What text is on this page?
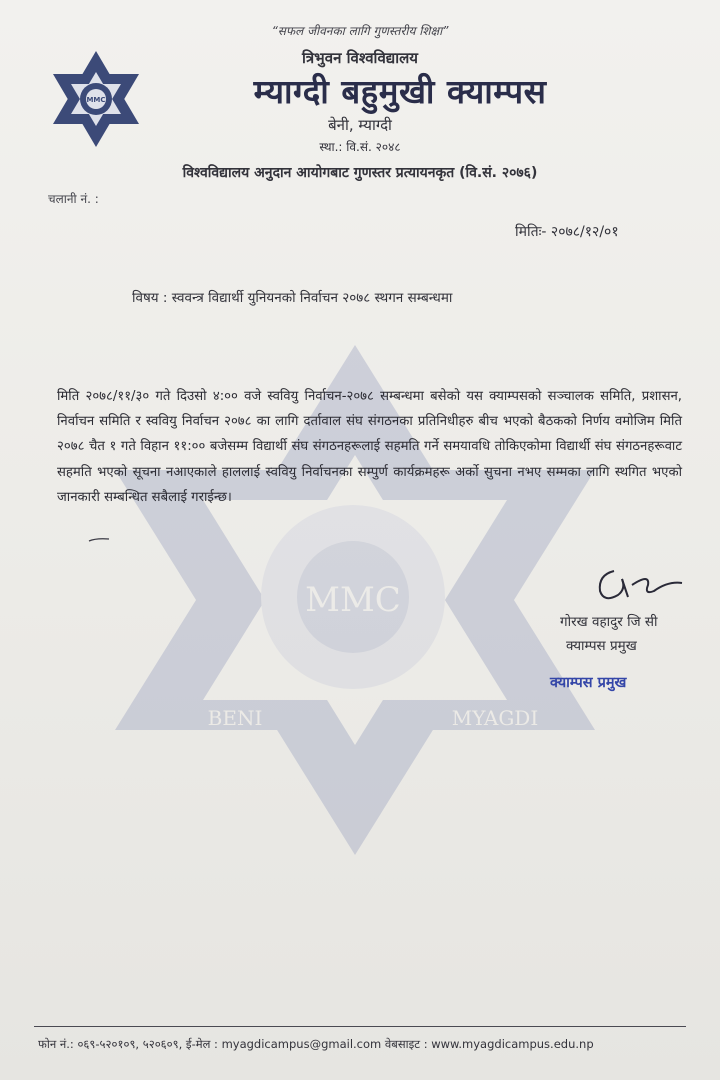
MMC
BENI	MYAGDI
MMC
“सफल जीवनका लागि गुणस्तरीय शिक्षा”
त्रिभुवन विश्वविद्यालय
म्याग्दी बहुमुखी क्याम्पस
बेनी, म्याग्दी
स्था.: वि.सं. २०४८
विश्वविद्यालय अनुदान आयोगबाट गुणस्तर प्रत्यायनकृत (वि.सं. २०७६)
चलानी नं. :
मितिः- २०७८/१२/०१
विषय : स्ववन्त्र विद्यार्थी युनियनको निर्वाचन २०७८ स्थगन सम्बन्धमा
मिति २०७८/११/३० गते दिउसो ४:०० वजे स्ववियु निर्वाचन-२०७८ सम्बन्धमा बसेको यस क्याम्पसको सञ्चालक समिति, प्रशासन, निर्वाचन समिति र स्ववियु निर्वाचन २०७८ का लागि दर्तावाल संघ संगठनका प्रतिनिधीहरु बीच भएको बैठकको निर्णय वमोजिम मिति २०७८ चैत १ गते विहान ११:०० बजेसम्म विद्यार्थी संघ संगठनहरूलाई सहमति गर्ने समयावधि तोकिएकोमा विद्यार्थी संघ संगठनहरूवाट सहमति भएको सूचना नआएकाले हाललाई स्ववियु निर्वाचनका सम्पुर्ण कार्यक्रमहरू अर्को सुचना नभए सम्मका लागि स्थगित भएको जानकारी सम्बन्धित सबैलाई गराईन्छ।
गोरख वहादुर जि सी
क्याम्पस प्रमुख
क्याम्पस प्रमुख
फोन नं.: ०६९-५२०१०९, ५२०६०९, ई-मेल : myagdicampus@gmail.com वेबसाइट : www.myagdicampus.edu.np
